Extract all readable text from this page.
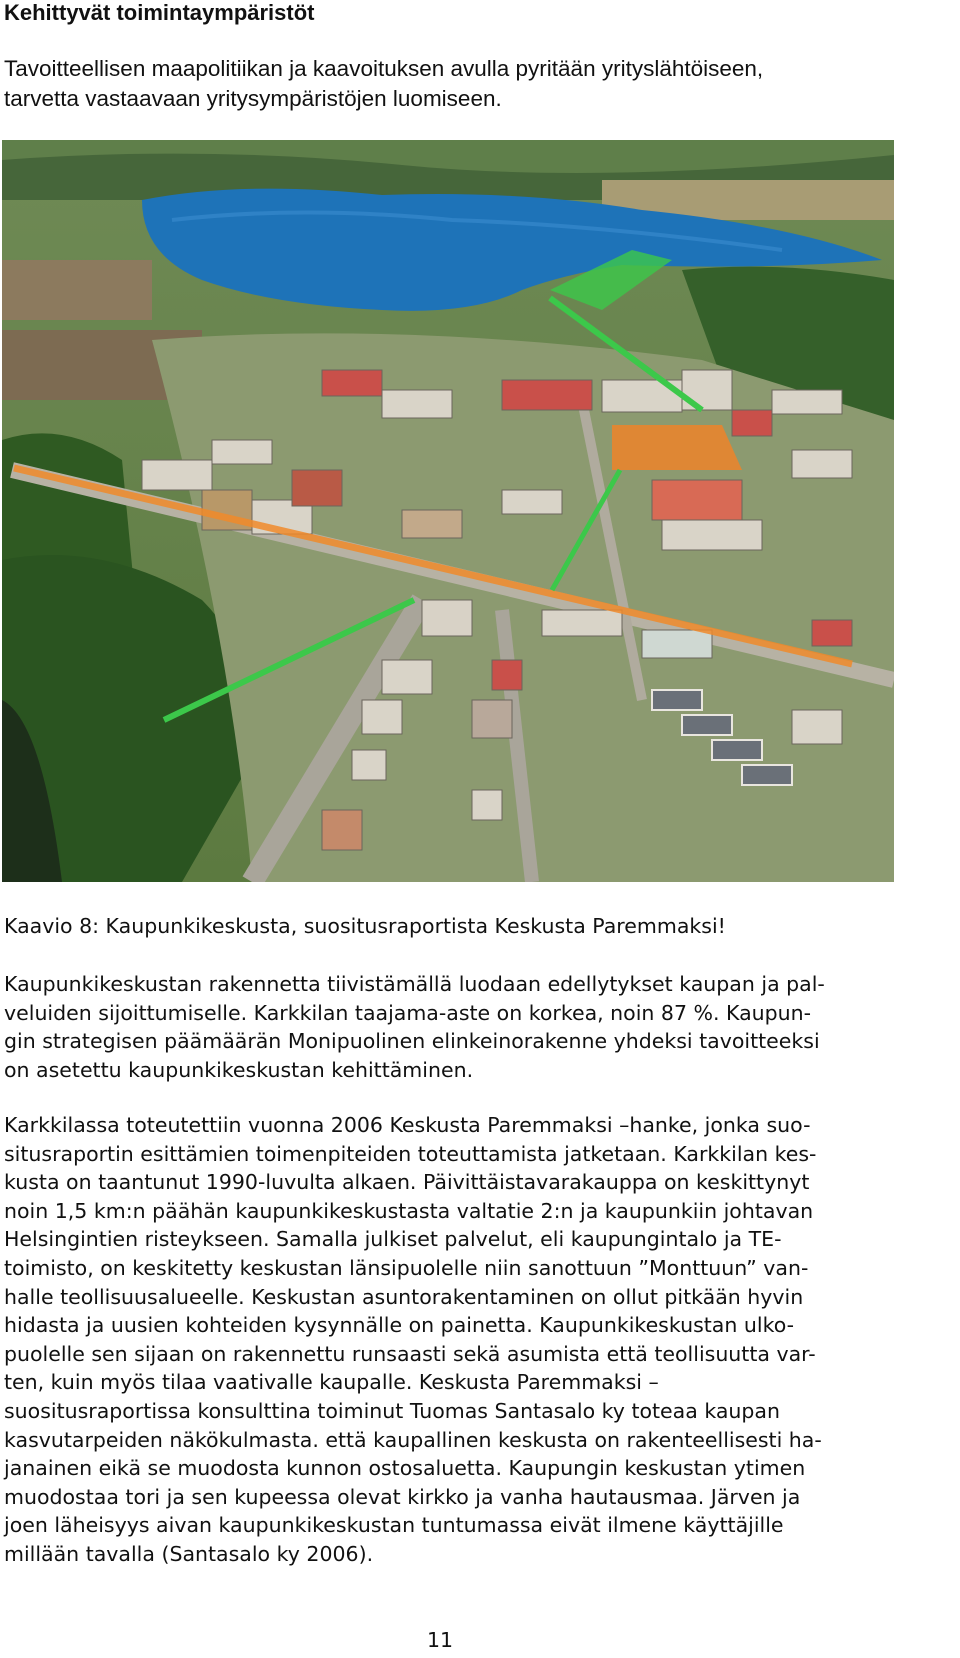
Kehittyvät toimintaympäristöt

Tavoitteellisen maapolitiikan ja kaavoituksen avulla pyritään yrityslähtöiseen,
tarvetta vastaavaan yritysympäristöjen luomiseen.

Kaavio 8: Kaupunkikeskusta, suositusraportista Keskusta Paremmaksi!

Kaupunkikeskustan rakennetta tiivistämällä luodaan edellytykset kaupan ja pal-
veluiden sijoittumiselle. Karkkilan taajama-aste on korkea, noin 87 %. Kaupun-
gin strategisen päämäärän Monipuolinen elinkeinorakenne yhdeksi tavoitteeksi
on asetettu kaupunkikeskustan kehittäminen.

Karkkilassa toteutettiin vuonna 2006 Keskusta Paremmaksi –hanke, jonka suo-
situsraportin esittämien toimenpiteiden toteuttamista jatketaan. Karkkilan kes-
kusta on taantunut 1990-luvulta alkaen. Päivittäistavarakauppa on keskittynyt
noin 1,5 km:n päähän kaupunkikeskustasta valtatie 2:n ja kaupunkiin johtavan
Helsingintien risteykseen. Samalla julkiset palvelut, eli kaupungintalo ja TE-
toimisto, on keskitetty keskustan länsipuolelle niin sanottuun ”Monttuun” van-
halle teollisuusalueelle. Keskustan asuntorakentaminen on ollut pitkään hyvin
hidasta ja uusien kohteiden kysynnälle on painetta. Kaupunkikeskustan ulko-
puolelle sen sijaan on rakennettu runsaasti sekä asumista että teollisuutta var-
ten, kuin myös tilaa vaativalle kaupalle. Keskusta Paremmaksi –
suositusraportissa konsulttina toiminut Tuomas Santasalo ky toteaa kaupan
kasvutarpeiden näkökulmasta. että kaupallinen keskusta on rakenteellisesti ha-
janainen eikä se muodosta kunnon ostosaluetta. Kaupungin keskustan ytimen
muodostaa tori ja sen kupeessa olevat kirkko ja vanha hautausmaa. Järven ja
joen läheisyys aivan kaupunkikeskustan tuntumassa eivät ilmene käyttäjille
millään tavalla (Santasalo ky 2006).

11
